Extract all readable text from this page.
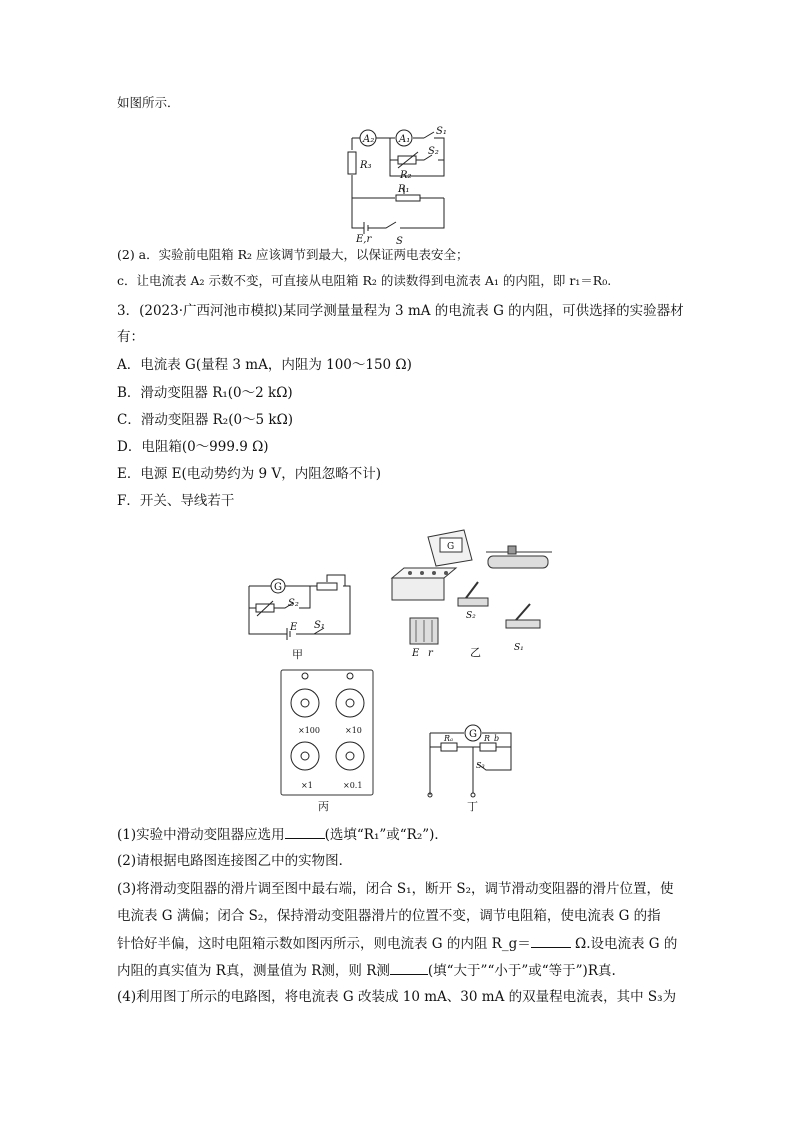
如图所示．
A₂ A₁
S₁
S₂
R₂
R₃
R₁
E,r S
(2) a．实验前电阻箱 R₂ 应该调节到最大，以保证两电表安全；
c．让电流表 A₂ 示数不变，可直接从电阻箱 R₂ 的读数得到电流表 A₁ 的内阻，即 r₁＝R₀.
3．(2023·广西河池市模拟)某同学测量量程为 3 mA 的电流表 G 的内阻，可供选择的实验器材
有：
A．电流表 G(量程 3 mA，内阻为 100～150 Ω)
B．滑动变阻器 R₁(0～2 kΩ)
C．滑动变阻器 R₂(0～5 kΩ)
D．电阻箱(0～999.9 Ω)
E．电源 E(电动势约为 9 V，内阻忽略不计)
F．开关、导线若干
G
S₂
E S₁
甲
G
S₂
E r	乙	S₁
×100	×10
×1	×0.1
丙
G
Rₐ	R_b
S₃
丁
(1)实验中滑动变阻器应选用	(选填“R₁”或“R₂”)．
(2)请根据电路图连接图乙中的实物图．
(3)将滑动变阻器的滑片调至图中最右端，闭合 S₁，断开 S₂，调节滑动变阻器的滑片位置，使
电流表 G 满偏；闭合 S₂，保持滑动变阻器滑片的位置不变，调节电阻箱，使电流表 G 的指
针恰好半偏，这时电阻箱示数如图丙所示，则电流表 G 的内阻 R_g＝	Ω.设电流表 G 的
内阻的真实值为 R真，测量值为 R测，则 R测	(填“大于”“小于”或“等于”)R真.
(4)利用图丁所示的电路图，将电流表 G 改装成 10 mA、30 mA 的双量程电流表，其中 S₃为
